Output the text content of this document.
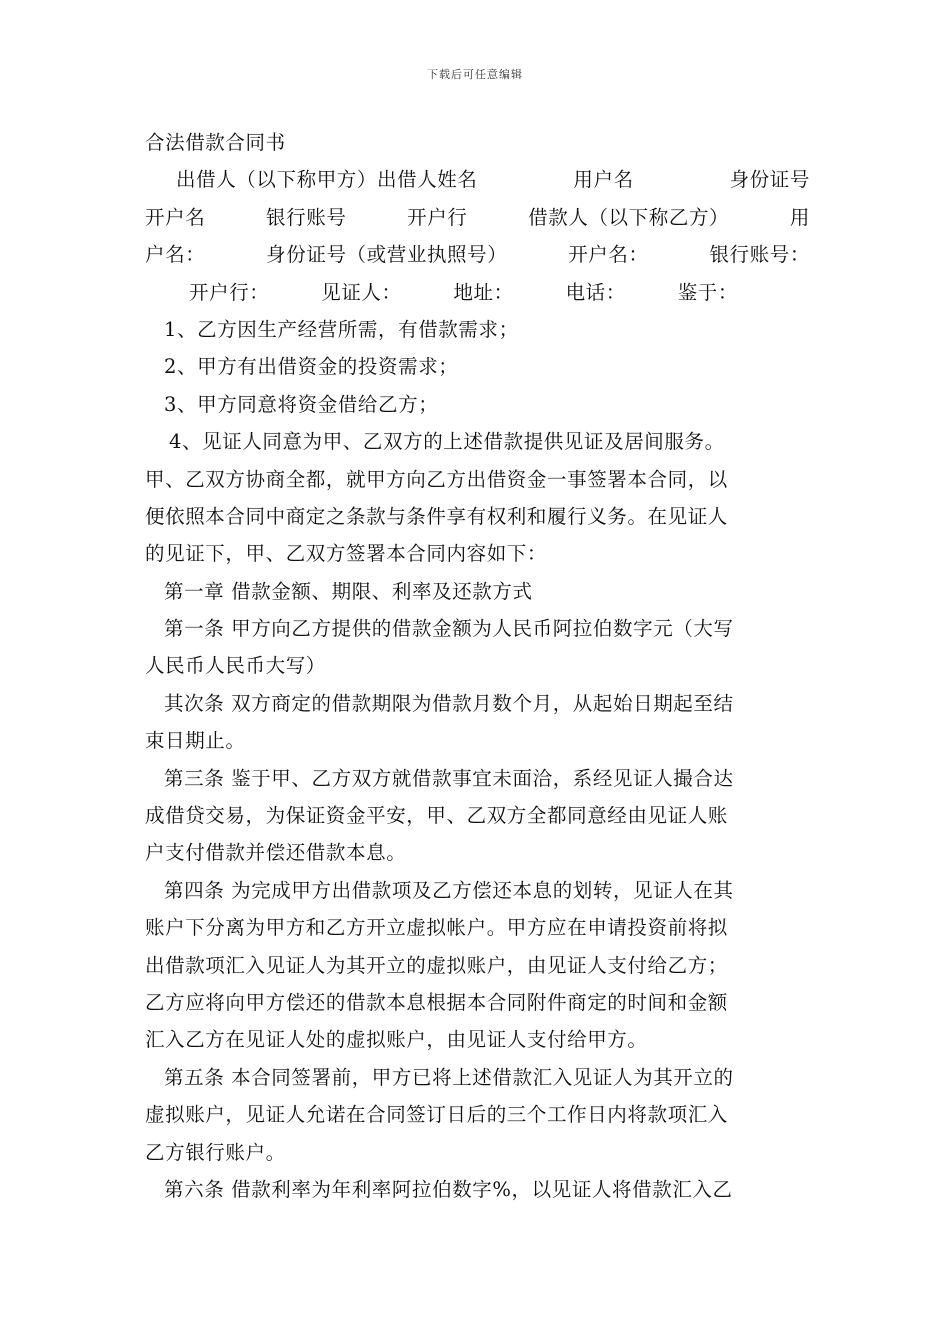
下载后可任意编辑
合法借款合同书
出借人（以下称甲方）出借人姓名	用户名	身份证号
开户名	银行账号	开户行	借款人（以下称乙方）	用
户名：	身份证号（或营业执照号）	开户名：	银行账号：
开户行：	见证人：	地址：	电话：	鉴于：
1、乙方因生产经营所需，有借款需求；
2、甲方有出借资金的投资需求；
3、甲方同意将资金借给乙方；
4、见证人同意为甲、乙双方的上述借款提供见证及居间服务。
甲、乙双方协商全都，就甲方向乙方出借资金一事签署本合同，以
便依照本合同中商定之条款与条件享有权利和履行义务。在见证人
的见证下，甲、乙双方签署本合同内容如下：
第一章 借款金额、期限、利率及还款方式
第一条 甲方向乙方提供的借款金额为人民币阿拉伯数字元（大写
人民币人民币大写）
其次条 双方商定的借款期限为借款月数个月，从起始日期起至结
束日期止。
第三条 鉴于甲、乙方双方就借款事宜未面洽，系经见证人撮合达
成借贷交易，为保证资金平安，甲、乙双方全都同意经由见证人账
户支付借款并偿还借款本息。
第四条 为完成甲方出借款项及乙方偿还本息的划转，见证人在其
账户下分离为甲方和乙方开立虚拟帐户。甲方应在申请投资前将拟
出借款项汇入见证人为其开立的虚拟账户，由见证人支付给乙方；
乙方应将向甲方偿还的借款本息根据本合同附件商定的时间和金额
汇入乙方在见证人处的虚拟账户，由见证人支付给甲方。
第五条 本合同签署前，甲方已将上述借款汇入见证人为其开立的
虚拟账户，见证人允诺在合同签订日后的三个工作日内将款项汇入
乙方银行账户。
第六条 借款利率为年利率阿拉伯数字%，以见证人将借款汇入乙
